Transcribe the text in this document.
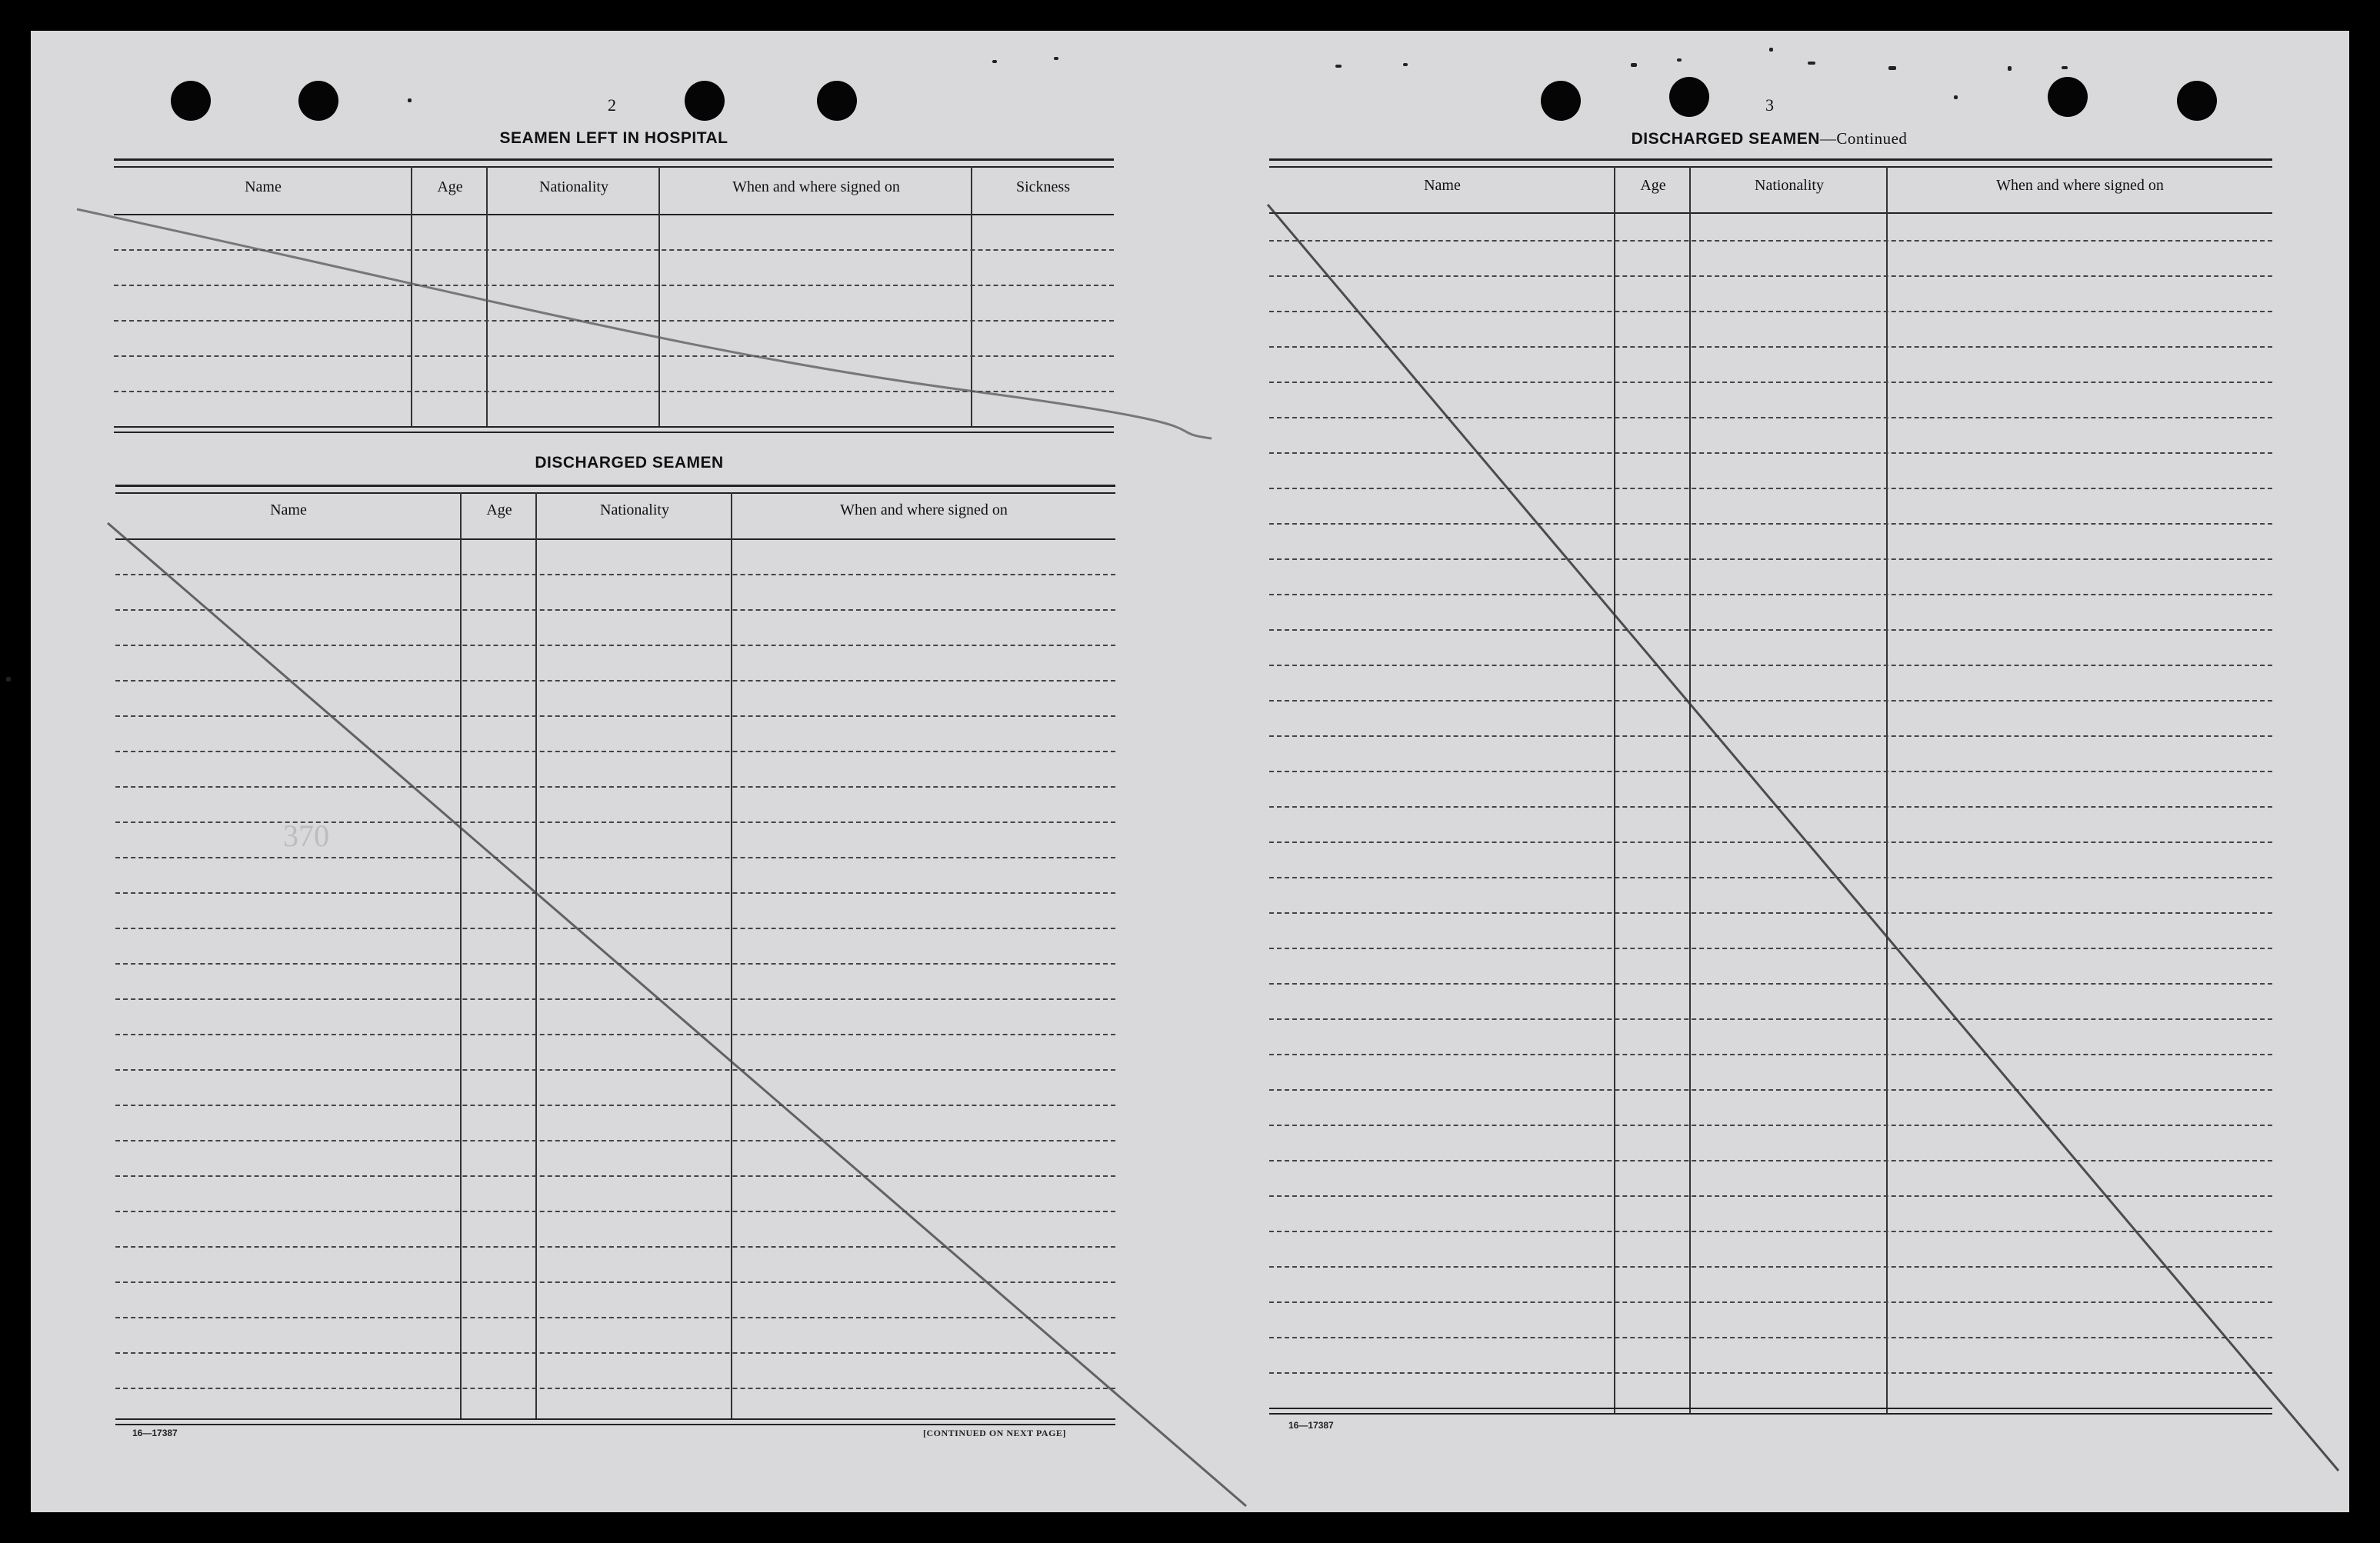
2
SEAMEN LEFT IN HOSPITAL
Name	Age	Nationality	When and where signed on	Sickness
DISCHARGED SEAMEN
Name	Age	Nationality	When and where signed on
16—17387	[CONTINUED ON NEXT PAGE]
3
DISCHARGED SEAMEN—Continued
Name	Age	Nationality	When and where signed on
16—17387
370
